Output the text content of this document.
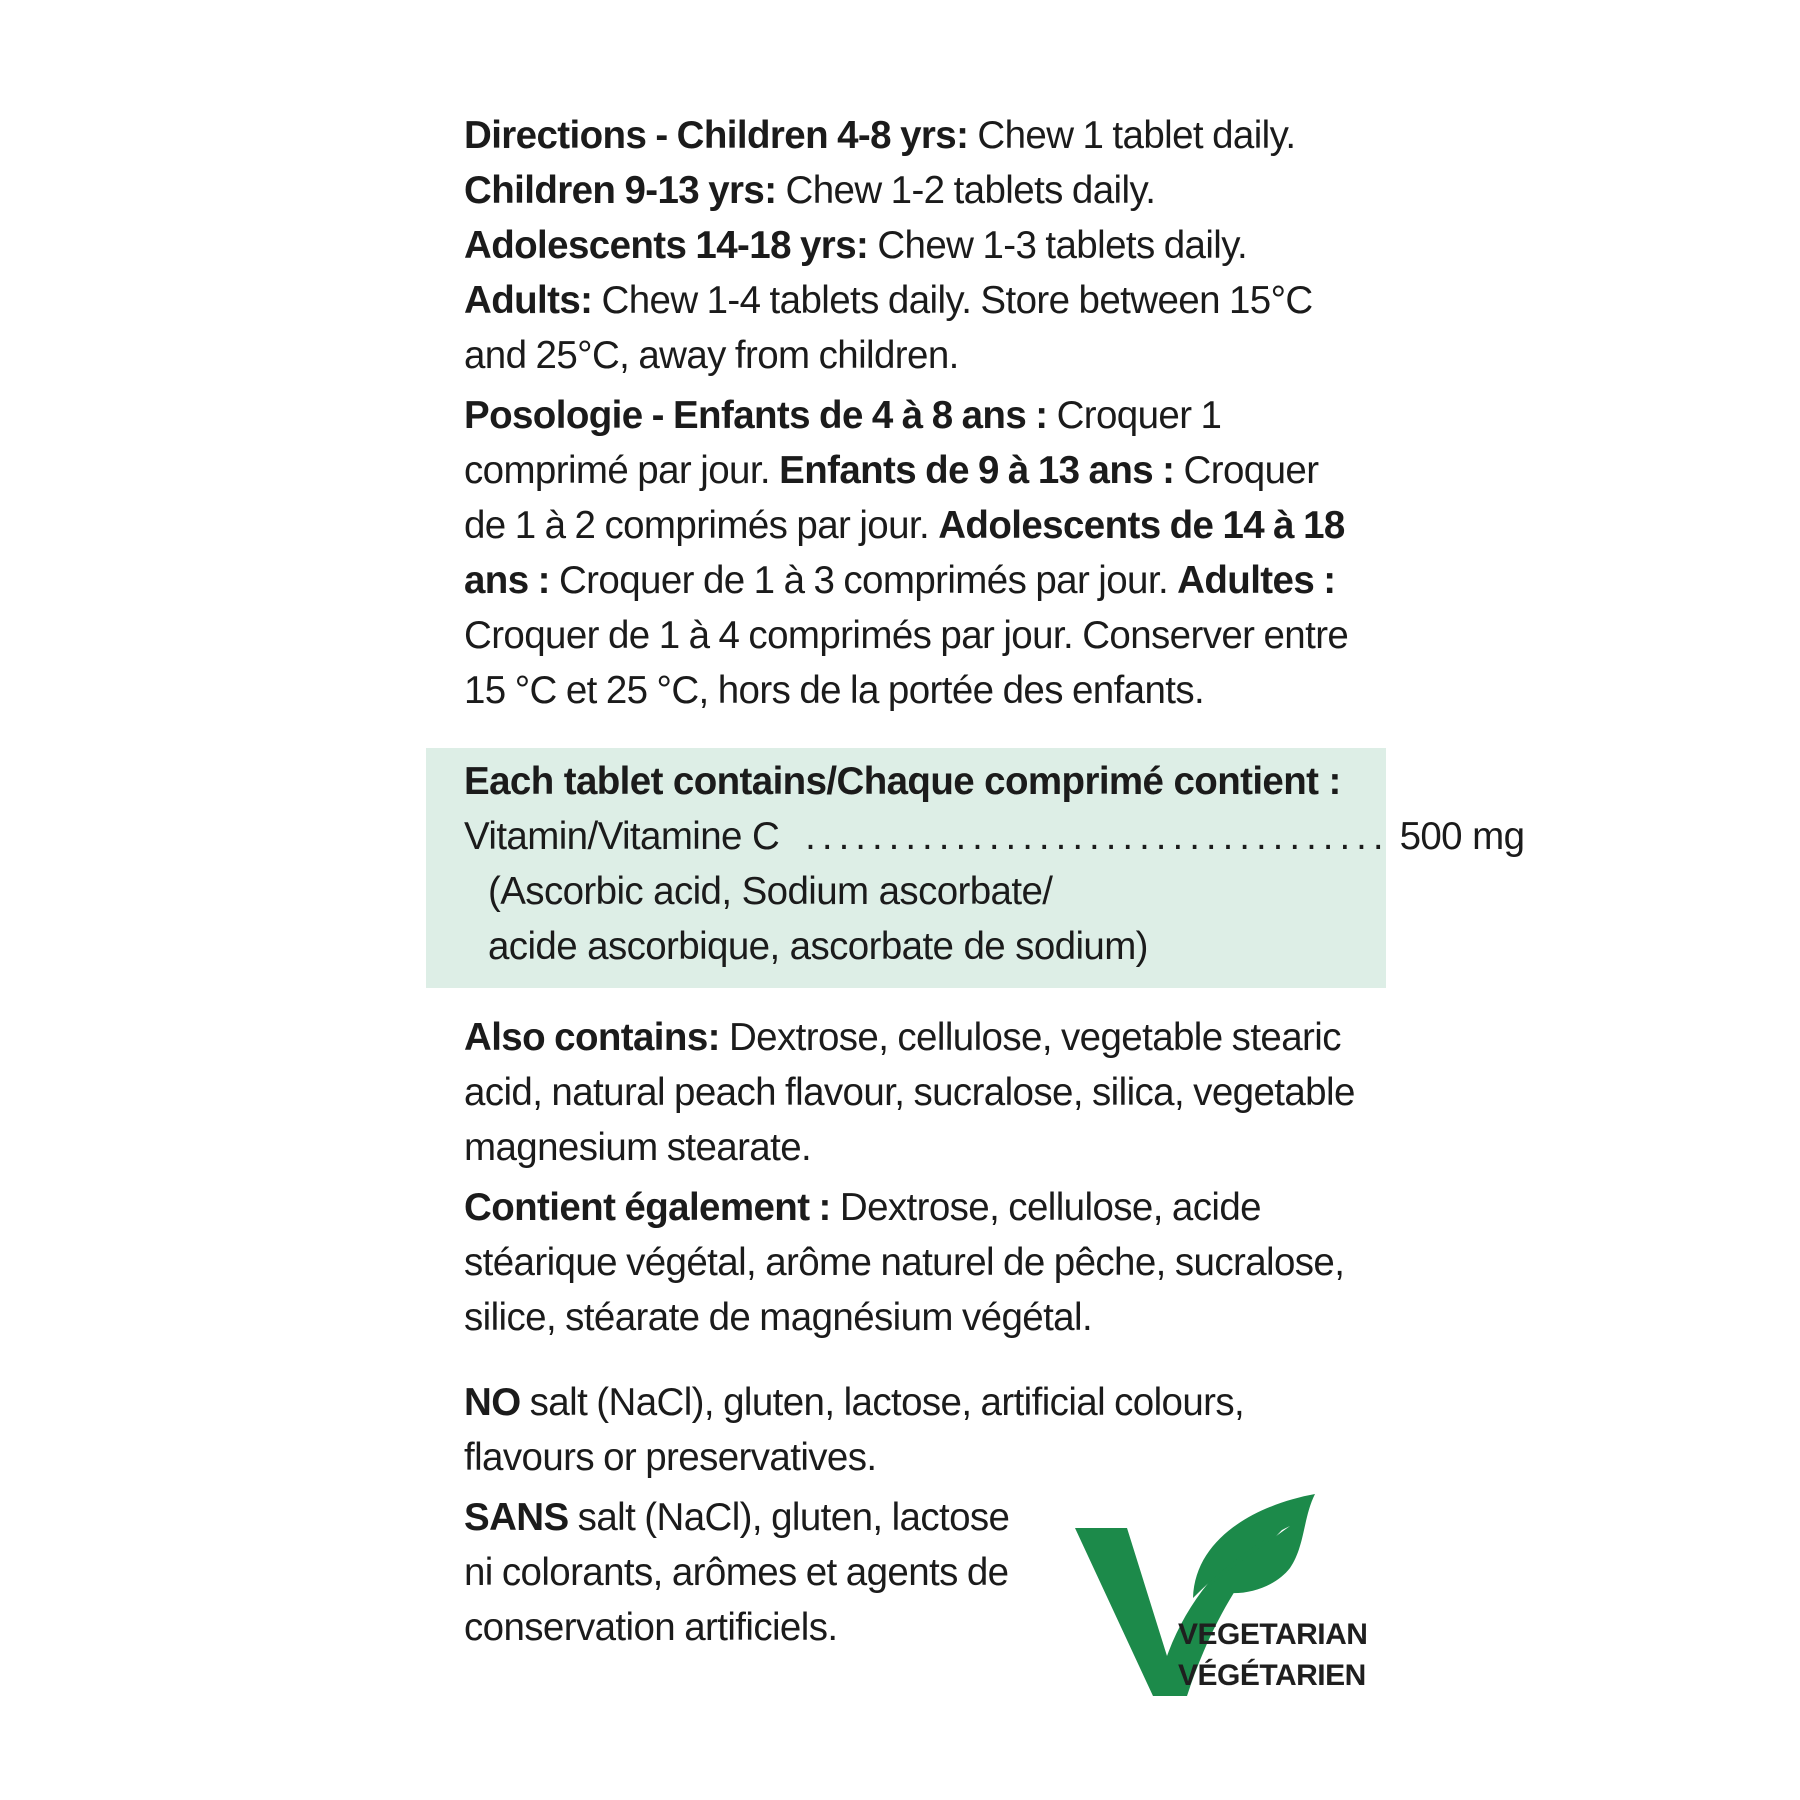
Directions - Children 4-8 yrs: Chew 1 tablet daily. Children 9-13 yrs: Chew 1-2 tablets daily. Adolescents 14-18 yrs: Chew 1-3 tablets daily. Adults: Chew 1-4 tablets daily. Store between 15°C and 25°C, away from children.

Posologie - Enfants de 4 à 8 ans : Croquer 1 comprimé par jour. Enfants de 9 à 13 ans : Croquer de 1 à 2 comprimés par jour. Adolescents de 14 à 18 ans : Croquer de 1 à 3 comprimés par jour. Adultes : Croquer de 1 à 4 comprimés par jour. Conserver entre 15 °C et 25 °C, hors de la portée des enfants.

Each tablet contains/Chaque comprimé contient :
Vitamin/Vitamine C ................................... 500 mg
(Ascorbic acid, Sodium ascorbate/
acide ascorbique, ascorbate de sodium)

Also contains: Dextrose, cellulose, vegetable stearic acid, natural peach flavour, sucralose, silica, vegetable magnesium stearate.

Contient également : Dextrose, cellulose, acide stéarique végétal, arôme naturel de pêche, sucralose, silice, stéarate de magnésium végétal.

NO salt (NaCl), gluten, lactose, artificial colours, flavours or preservatives.

SANS salt (NaCl), gluten, lactose ni colorants, arômes et agents de conservation artificiels.	VEGETARIAN
VÉGÉTARIEN
